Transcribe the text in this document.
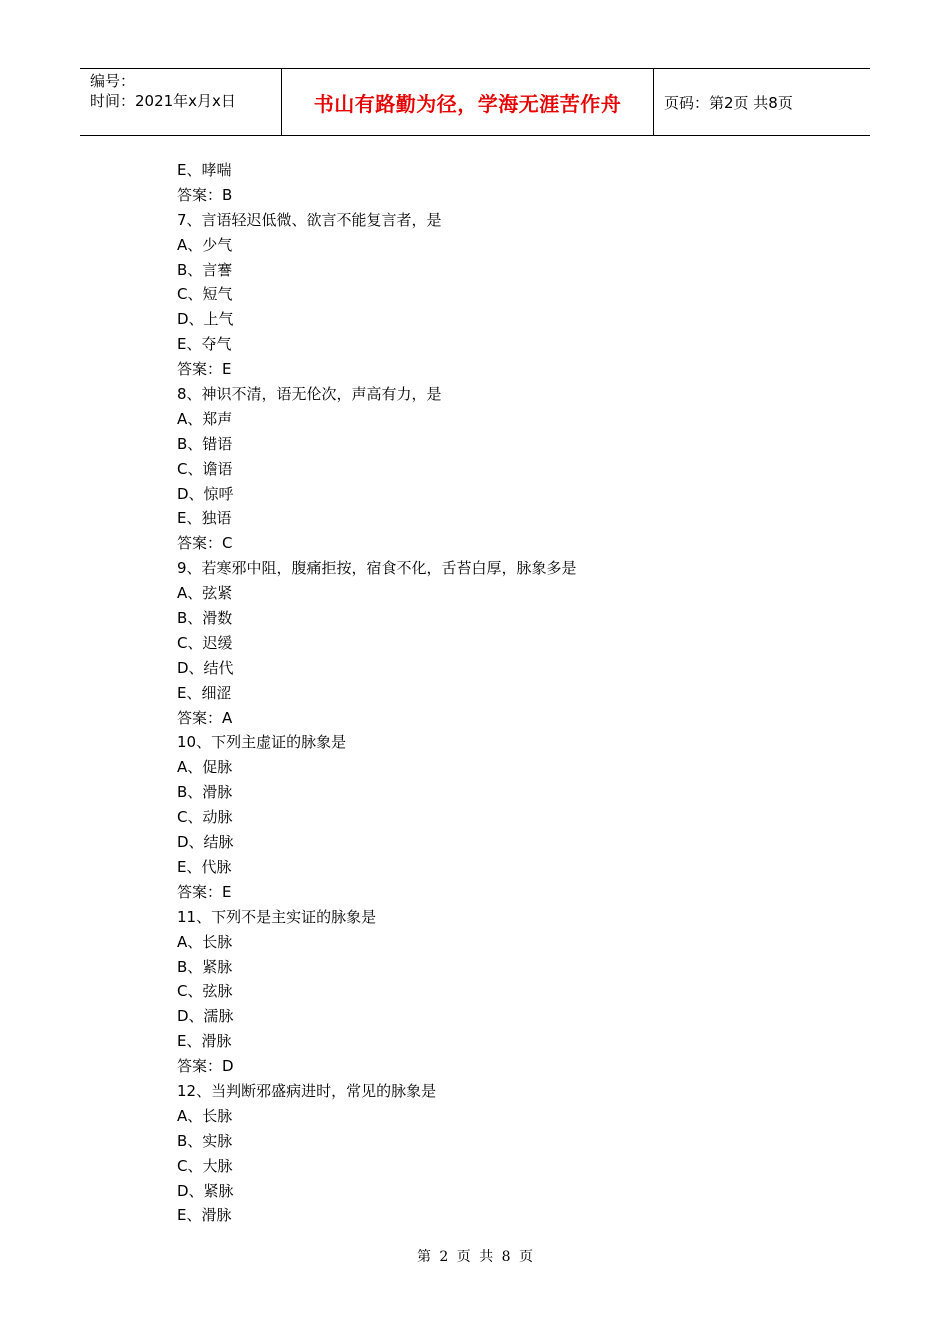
编号：
时间：2021年x月x日	书山有路勤为径，学海无涯苦作舟	页码：第2页 共8页
E、哮喘
答案：B
7、言语轻迟低微、欲言不能复言者，是
A、少气
B、言謇
C、短气
D、上气
E、夺气
答案：E
8、神识不清，语无伦次，声高有力，是
A、郑声
B、错语
C、谵语
D、惊呼
E、独语
答案：C
9、若寒邪中阻，腹痛拒按，宿食不化，舌苔白厚，脉象多是
A、弦紧
B、滑数
C、迟缓
D、结代
E、细涩
答案：A
10、下列主虚证的脉象是
A、促脉
B、滑脉
C、动脉
D、结脉
E、代脉
答案：E
11、下列不是主实证的脉象是
A、长脉
B、紧脉
C、弦脉
D、濡脉
E、滑脉
答案：D
12、当判断邪盛病进时，常见的脉象是
A、长脉
B、实脉
C、大脉
D、紧脉
E、滑脉
第 2 页 共 8 页
